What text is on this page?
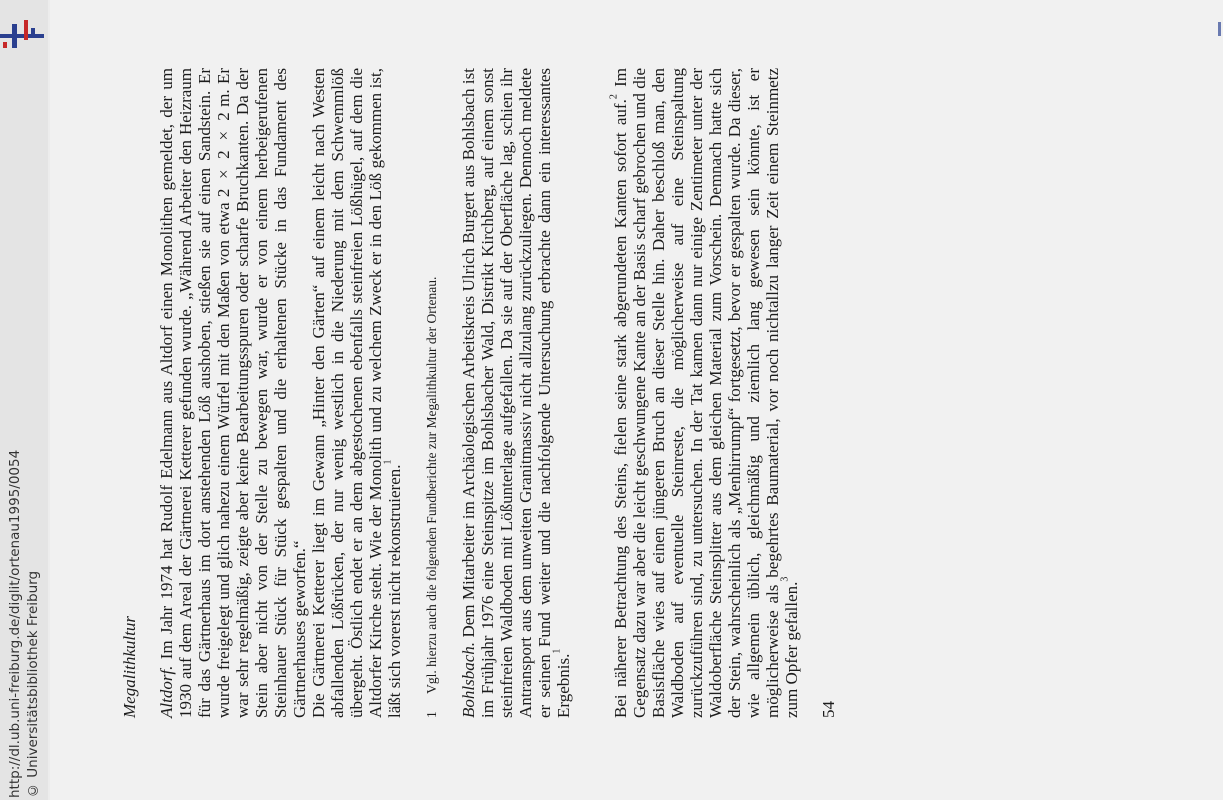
http://dl.ub.uni-freiburg.de/diglit/ortenau1995/0054 © Universitätsbibliothek Freiburg	Megalithkultur Altdorf. Im Jahr 1974 hat Rudolf Edelmann aus Altdorf einen Monolithen gemeldet, der um 1930 auf dem Areal der Gärtnerei Ketterer gefunden wurde. „Während Arbeiter den Heizraum für das Gärtnerhaus im dort anstehenden Löß aushoben, stießen sie auf einen Sandstein. Er wurde freigelegt und glich nahezu einem Würfel mit den Maßen von etwa 2 × 2 × 2 m. Er war sehr regelmäßig, zeigte aber keine Bearbeitungsspuren oder scharfe Bruchkanten. Da der Stein aber nicht von der Stelle zu bewegen war, wurde er von einem herbeigerufenen Steinhauer Stück für Stück gespalten und die erhaltenen Stücke in das Fundament des Gärtnerhauses geworfen.“ Die Gärtnerei Ketterer liegt im Gewann „Hinter den Gärten“ auf einem leicht nach Westen abfallenden Lößrücken, der nur wenig westlich in die Niederung mit dem Schwemmlöß übergeht. Östlich endet er an dem abgestochenen ebenfalls steinfreien Lößhügel, auf dem die Altdorfer Kirche steht. Wie der Monolith und zu welchem Zweck er in den Löß gekommen ist, läßt sich vorerst nicht rekonstruieren.$^1$

1 Vgl. hierzu auch die folgenden Fundberichte zur Megalithkultur der Ortenau. Bohlsbach. Dem Mitarbeiter im Archäologischen Arbeitskreis Ulrich Burgert aus Bohlsbach ist im Frühjahr 1976 eine Steinspitze im Bohlsbacher Wald, Distrikt Kirchberg, auf einem sonst steinfreien Waldboden mit Lößunterlage aufgefallen. Da sie auf der Oberfläche lag, schien ihr Antransport aus dem unweiten Granitmassiv nicht allzulang zurückzuliegen. Dennoch meldete er seinen Fund weiter und die nachfolgende Untersuchung erbrachte dann ein interessantes Ergebnis.$^1$	Bei näherer Betrachtung des Steins, fielen seine stark abgerundeten Kanten sofort auf.$^2$ Im Gegensatz dazu war aber die leicht geschwungene Kante an der Basis scharf gebrochen und die Basisfläche wies auf einen jüngeren Bruch an dieser Stelle hin. Daher beschloß man, den Waldboden auf eventuelle Steinreste, die möglicherweise auf eine Steinspaltung zurückzuführen sind, zu untersuchen. In der Tat kamen dann nur einige Zentimeter unter der Waldoberfläche Steinsplitter aus dem gleichen Material zum Vorschein. Demnach hatte sich der Stein, wahrscheinlich als „Menhirrumpf“ fortgesetzt, bevor er gespalten wurde. Da dieser, wie allgemein üblich, gleichmäßig und ziemlich lang gewesen sein könnte, ist er möglicherweise als begehrtes Baumaterial, vor noch nichtallzu langer Zeit einem Steinmetz zum Opfer gefallen.$^3$

54
